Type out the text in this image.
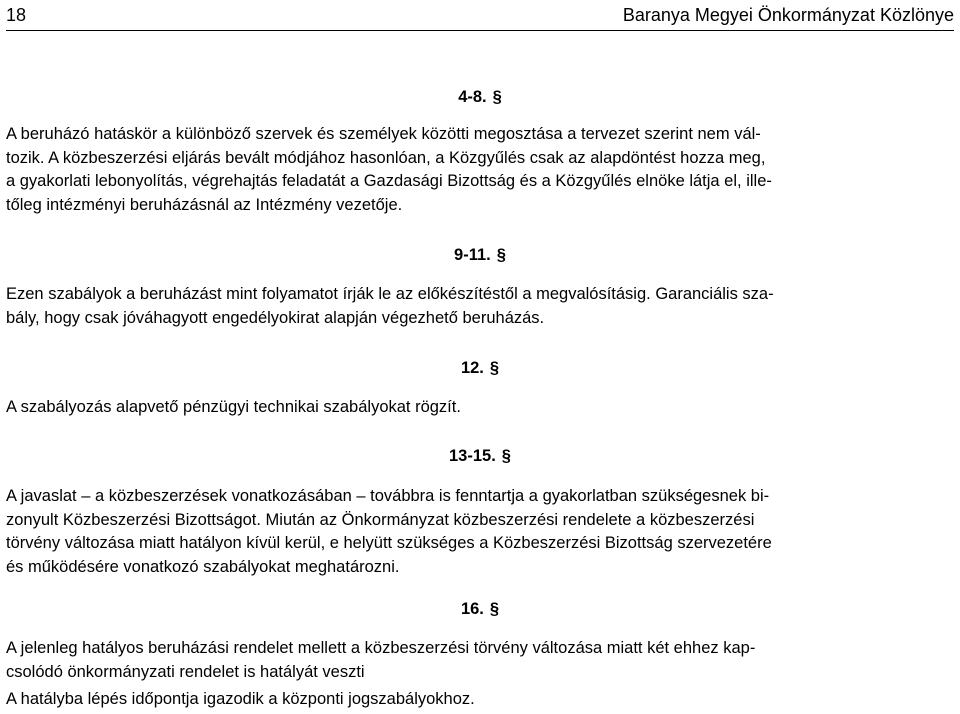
18	Baranya Megyei Önkormányzat Közlönye
4-8. §
A beruházó hatáskör a különböző szervek és személyek közötti megosztása a tervezet szerint nem vál-
tozik. A közbeszerzési eljárás bevált módjához hasonlóan, a Közgyűlés csak az alapdöntést hozza meg,
a gyakorlati lebonyolítás, végrehajtás feladatát a Gazdasági Bizottság és a Közgyűlés elnöke látja el, ille-
tőleg intézményi beruházásnál az Intézmény vezetője.
9-11. §
Ezen szabályok a beruházást mint folyamatot írják le az előkészítéstől a megvalósításig. Garanciális sza-
bály, hogy csak jóváhagyott engedélyokirat alapján végezhető beruházás.
12. §
A szabályozás alapvető pénzügyi technikai szabályokat rögzít.
13-15. §
A javaslat – a közbeszerzések vonatkozásában – továbbra is fenntartja a gyakorlatban szükségesnek bi-
zonyult Közbeszerzési Bizottságot. Miután az Önkormányzat közbeszerzési rendelete a közbeszerzési
törvény változása miatt hatályon kívül kerül, e helyütt szükséges a Közbeszerzési Bizottság szervezetére
és működésére vonatkozó szabályokat meghatározni.
16. §
A jelenleg hatályos beruházási rendelet mellett a közbeszerzési törvény változása miatt két ehhez kap-
csolódó önkormányzati rendelet is hatályát veszti
A hatályba lépés időpontja igazodik a központi jogszabályokhoz.
